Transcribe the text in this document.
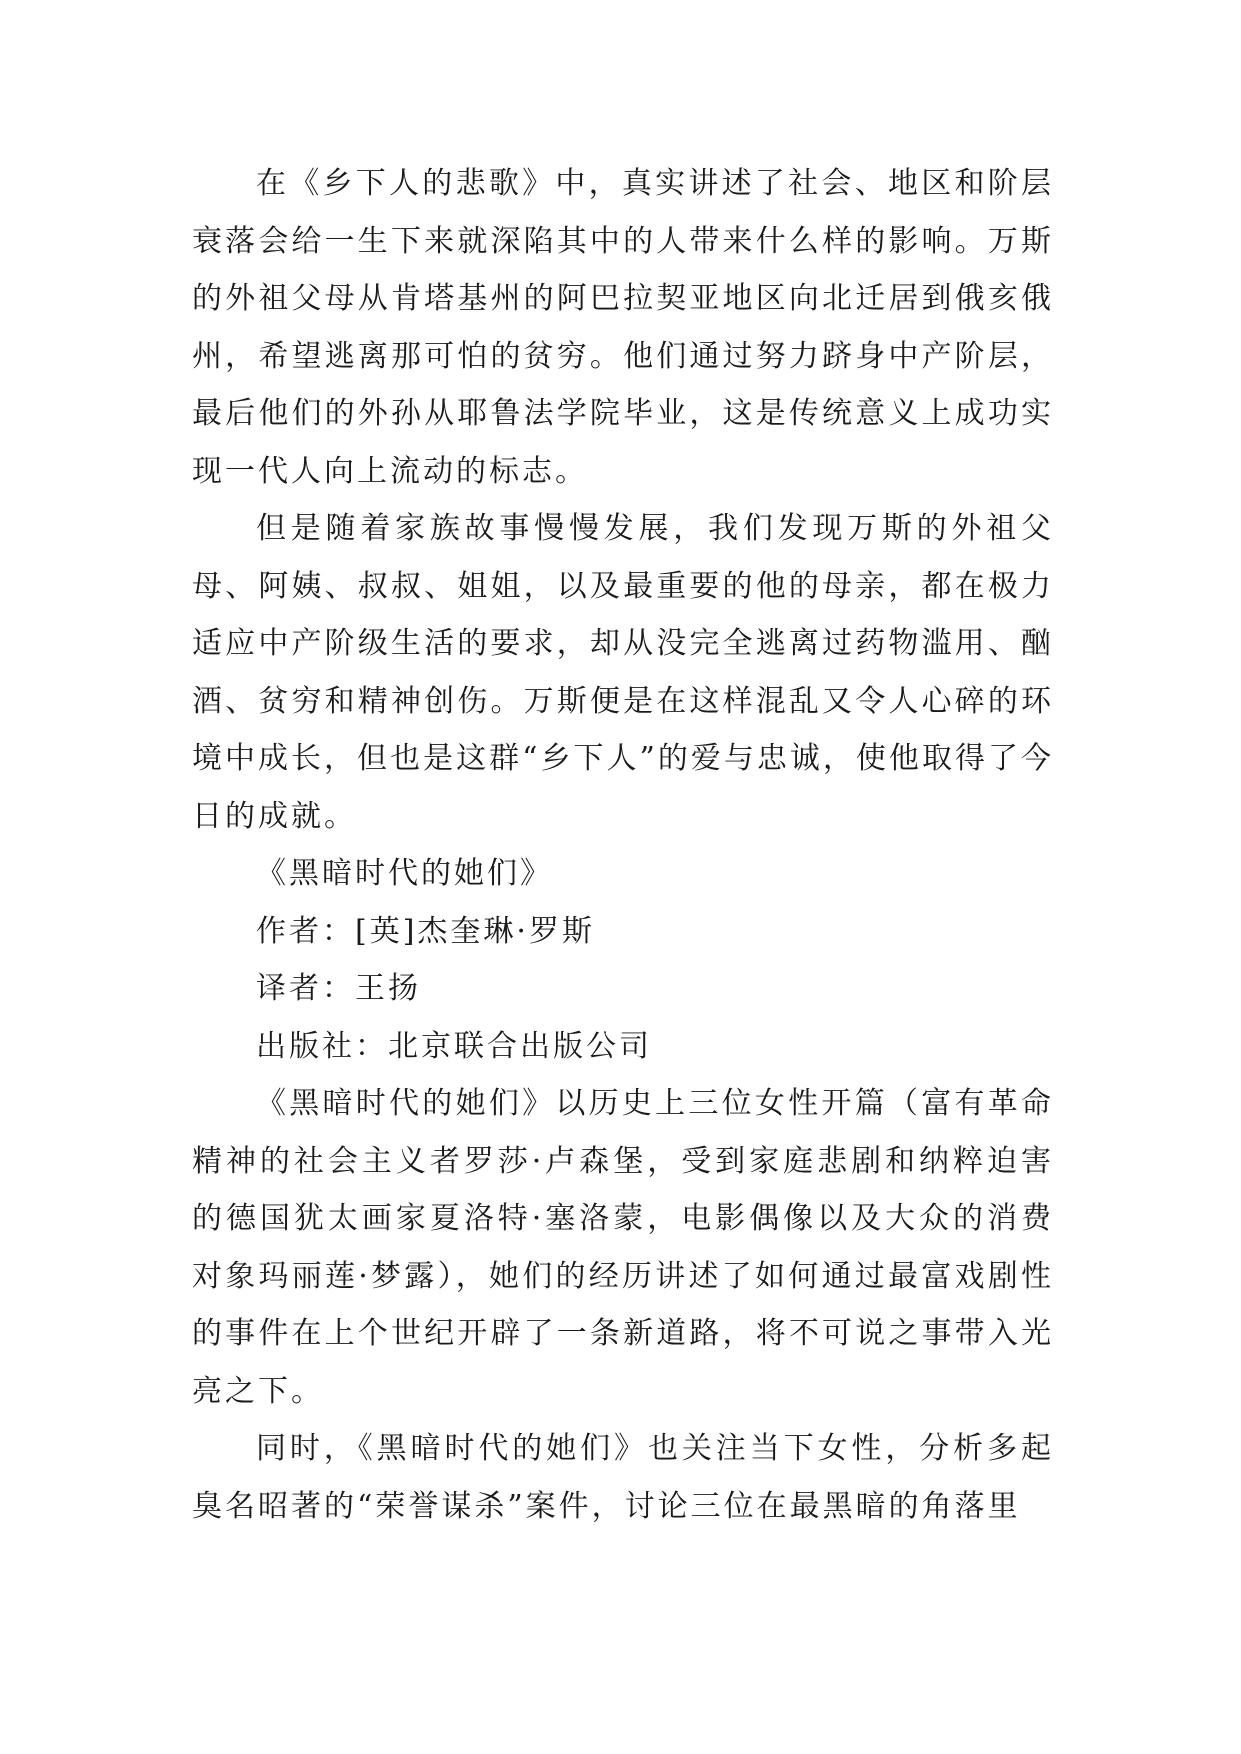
在《乡下人的悲歌》中，真实讲述了社会、地区和阶层衰落会给一生下来就深陷其中的人带来什么样的影响。万斯的外祖父母从肯塔基州的阿巴拉契亚地区向北迁居到俄亥俄州，希望逃离那可怕的贫穷。他们通过努力跻身中产阶层，最后他们的外孙从耶鲁法学院毕业，这是传统意义上成功实现一代人向上流动的标志。

但是随着家族故事慢慢发展，我们发现万斯的外祖父母、阿姨、叔叔、姐姐，以及最重要的他的母亲，都在极力适应中产阶级生活的要求，却从没完全逃离过药物滥用、酗酒、贫穷和精神创伤。万斯便是在这样混乱又令人心碎的环境中成长，但也是这群“乡下人”的爱与忠诚，使他取得了今日的成就。

《黑暗时代的她们》

作者：[英]杰奎琳·罗斯

译者：王扬

出版社：北京联合出版公司

《黑暗时代的她们》以历史上三位女性开篇（富有革命精神的社会主义者罗莎·卢森堡，受到家庭悲剧和纳粹迫害的德国犹太画家夏洛特·塞洛蒙，电影偶像以及大众的消费对象玛丽莲·梦露），她们的经历讲述了如何通过最富戏剧性的事件在上个世纪开辟了一条新道路，将不可说之事带入光亮之下。

同时，《黑暗时代的她们》也关注当下女性，分析多起臭名昭著的“荣誉谋杀”案件，讨论三位在最黑暗的角落里
